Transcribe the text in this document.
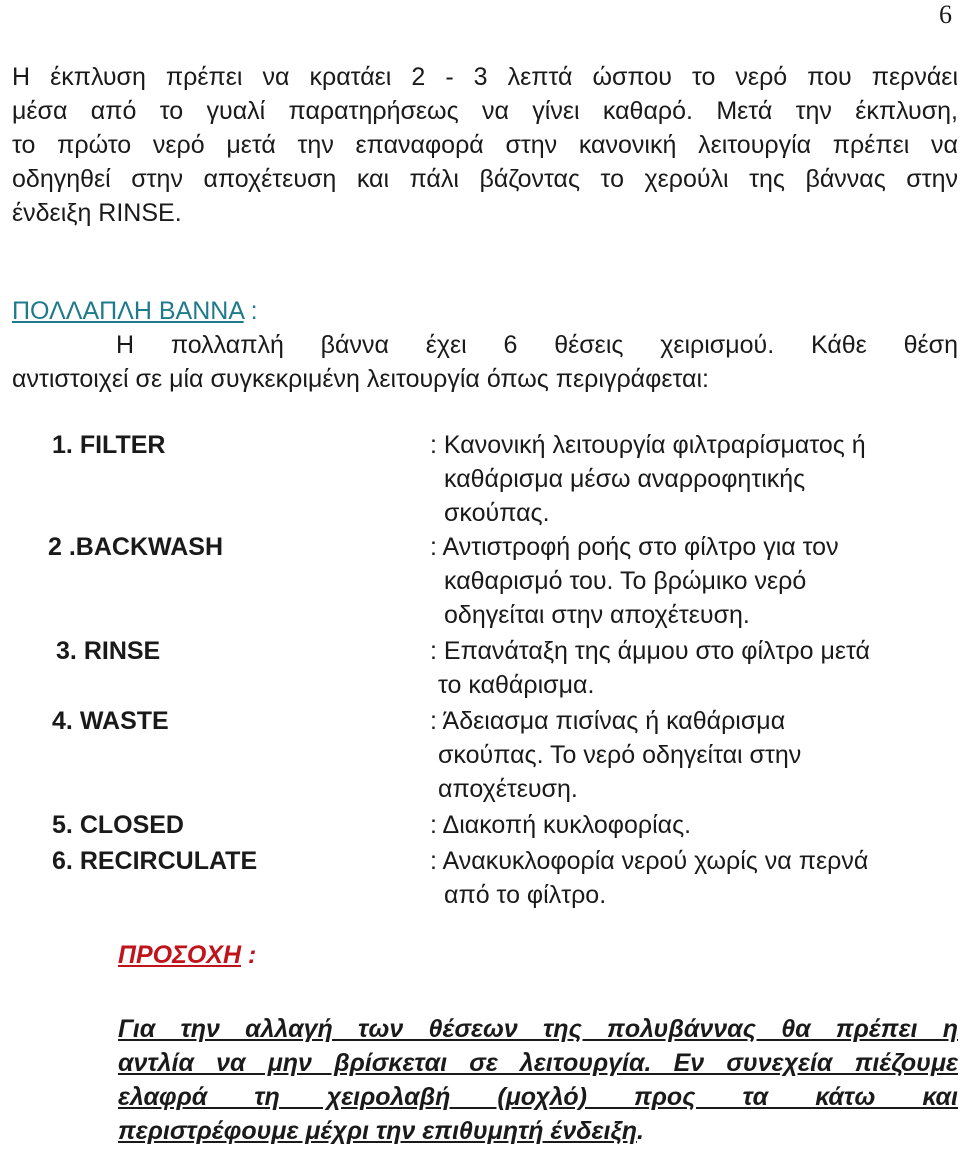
6
Η έκπλυση πρέπει να κρατάει 2 - 3 λεπτά ώσπου το νερό που περνάει
μέσα από το γυαλί παρατηρήσεως να γίνει καθαρό. Μετά την έκπλυση,
το πρώτο νερό μετά την επαναφορά στην κανονική λειτουργία πρέπει να
οδηγηθεί στην αποχέτευση και πάλι βάζοντας το χερούλι της βάννας στην
ένδειξη RINSE.
ΠΟΛΛΑΠΛΗ ΒΑΝΝΑ :
Η πολλαπλή βάννα έχει 6 θέσεις χειρισμού. Κάθε θέση
αντιστοιχεί σε μία συγκεκριμένη λειτουργία όπως περιγράφεται:
1. FILTER	: Κανονική λειτουργία φιλτραρίσματος ή
καθάρισμα μέσω αναρροφητικής
σκούπας.
2 .BACKWASH	: Αντιστροφή ροής στο φίλτρο για τον
καθαρισμό του. Το βρώμικο νερό
οδηγείται στην αποχέτευση.
3. RINSE	: Επανάταξη της άμμου στο φίλτρο μετά
το καθάρισμα.
4. WASTE	: Άδειασμα πισίνας ή καθάρισμα
σκούπας. Το νερό οδηγείται στην
αποχέτευση.
5. CLOSED	: Διακοπή κυκλοφορίας.
6. RECIRCULATE	: Ανακυκλοφορία νερού χωρίς να περνά
από το φίλτρο.
ΠΡΟΣΟΧΗ :
Για την αλλαγή των θέσεων της πολυβάννας θα πρέπει η
αντλία να μην βρίσκεται σε λειτουργία. Εν συνεχεία πιέζουμε
ελαφρά τη χειρολαβή (μοχλό) προς τα κάτω και
περιστρέφουμε μέχρι την επιθυμητή ένδειξη.
